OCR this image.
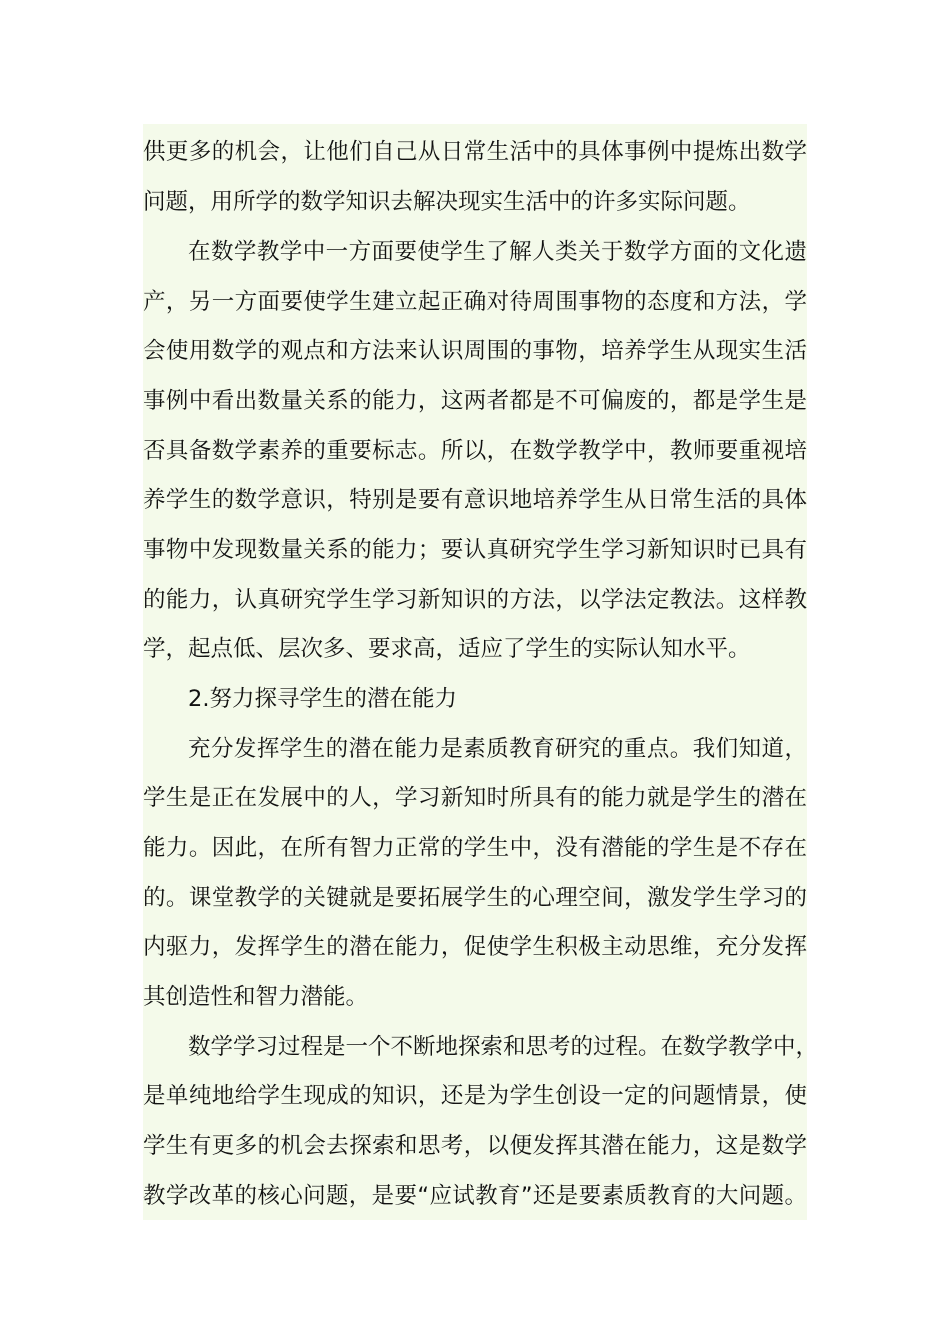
供更多的机会，让他们自己从日常生活中的具体事例中提炼出数学
问题，用所学的数学知识去解决现实生活中的许多实际问题。
在数学教学中一方面要使学生了解人类关于数学方面的文化遗
产，另一方面要使学生建立起正确对待周围事物的态度和方法，学
会使用数学的观点和方法来认识周围的事物，培养学生从现实生活
事例中看出数量关系的能力，这两者都是不可偏废的，都是学生是
否具备数学素养的重要标志。所以，在数学教学中，教师要重视培
养学生的数学意识，特别是要有意识地培养学生从日常生活的具体
事物中发现数量关系的能力；要认真研究学生学习新知识时已具有
的能力，认真研究学生学习新知识的方法，以学法定教法。这样教
学，起点低、层次多、要求高，适应了学生的实际认知水平。
2.努力探寻学生的潜在能力
充分发挥学生的潜在能力是素质教育研究的重点。我们知道，
学生是正在发展中的人，学习新知时所具有的能力就是学生的潜在
能力。因此，在所有智力正常的学生中，没有潜能的学生是不存在
的。课堂教学的关键就是要拓展学生的心理空间，激发学生学习的
内驱力，发挥学生的潜在能力，促使学生积极主动思维，充分发挥
其创造性和智力潜能。
数学学习过程是一个不断地探索和思考的过程。在数学教学中，
是单纯地给学生现成的知识，还是为学生创设一定的问题情景，使
学生有更多的机会去探索和思考，以便发挥其潜在能力，这是数学
教学改革的核心问题，是要“应试教育”还是要素质教育的大问题。
